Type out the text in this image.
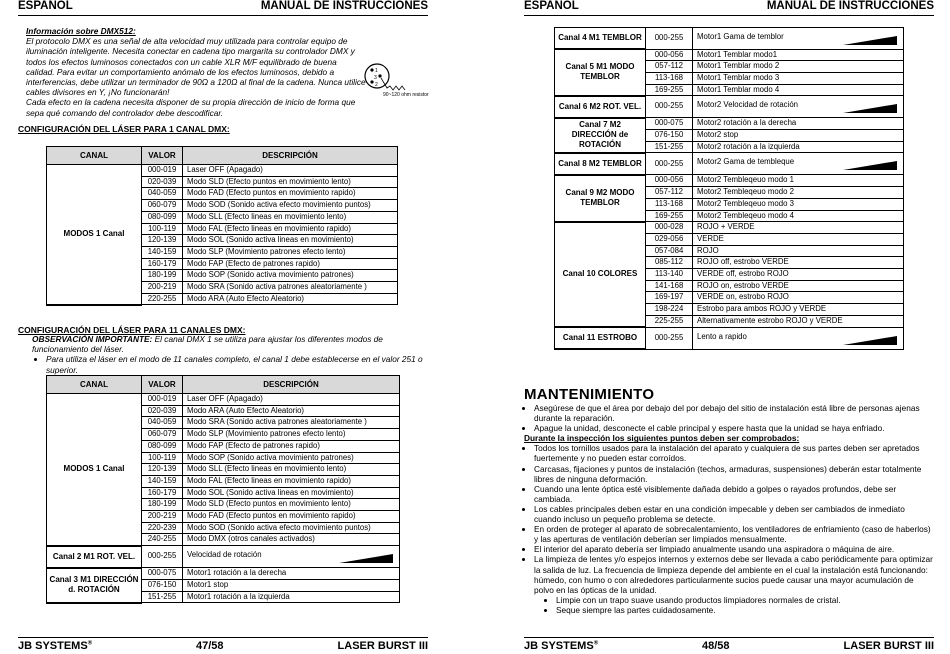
ESPAÑOL	MANUAL DE INSTRUCCIONES
Información sobre DMX512:
El protocolo DMX es una señal de alta velocidad muy utilizada para controlar equipo de iluminación inteligente. Necesita conectar en cadena tipo margarita su controlador DMX y todos los efectos luminosos conectados con un cable XLR M/F equilibrado de buena calidad. Para evitar un comportamiento anómalo de los efectos luminosos, debido a interferencias, debe utilizar un terminador de 90Ω a 120Ω al final de la cadena. Nunca utilice cables divisores en Y, ¡No funcionarán!
Cada efecto en la cadena necesita disponer de su propia dirección de inicio de forma que sepa qué comando del controlador debe descodificar.
1
3
2
90~120 ohm resistor
CONFIGURACIÓN DEL LÁSER PARA 1 CANAL DMX:
CANAL	VALOR	DESCRIPCIÓN
MODOS 1 Canal	000-019	Laser OFF (Apagado)
	020-039	Modo SLD (Efecto puntos en movimiento lento)
	040-059	Modo FAD (Efecto puntos en movimiento rapido)
	060-079	Modo SOD (Sonido activa efecto movimiento puntos)
	080-099	Modo SLL (Efecto lineas en movimiento lento)
	100-119	Modo FAL (Efecto lineas en movimiento rapido)
	120-139	Modo SOL (Sonido activa lineas en movimiento)
	140-159	Modo SLP (Movimiento patrones efecto lento)
	160-179	Modo FAP (Efecto de patrones rapido)
	180-199	Modo SOP (Sonido activa movimiento patrones)
	200-219	Modo SRA (Sonido activa patrones aleatoriamente )
	220-255	Modo ARA (Auto Efecto Aleatorio)
CONFIGURACIÓN DEL LÁSER PARA 11 CANALES DMX:
OBSERVACIÓN IMPORTANTE: El canal DMX 1 se utiliza para ajustar los diferentes modos de funcionamiento del láser.
• Para utiliza el láser en el modo de 11 canales completo, el canal 1 debe establecerse en el valor 251 o superior.
CANAL	VALOR	DESCRIPCIÓN
MODOS 1 Canal	000-019	Laser OFF (Apagado)
	020-039	Modo ARA (Auto Efecto Aleatorio)
	040-059	Modo SRA (Sonido activa patrones aleatoriamente )
	060-079	Modo SLP (Movimiento patrones efecto lento)
	080-099	Modo FAP (Efecto de patrones rapido)
	100-119	Modo SOP (Sonido activa movimiento patrones)
	120-139	Modo SLL (Efecto lineas en movimiento lento)
	140-159	Modo FAL (Efecto lineas en movimiento rapido)
	160-179	Modo SOL (Sonido activa lineas en movimiento)
	180-199	Modo SLD (Efecto puntos en movimiento lento)
	200-219	Modo FAD (Efecto puntos en movimiento rapido)
	220-239	Modo SOD (Sonido activa efecto movimiento puntos)
	240-255	Modo DMX (otros canales activados)
Canal 2 M1 ROT. VEL.	000-255	Velocidad de rotación

Canal 3 M1 DIRECCIÓN d. ROTACIÓN	000-075	Motor1 rotación a la derecha
	076-150	Motor1 stop
	151-255	Motor1 rotación a la izquierda
JB SYSTEMS®	47/58	LASER BURST III
ESPAÑOL	MANUAL DE INSTRUCCIONES
Canal 4 M1 TEMBLOR	000-255	Motor1 Gama de temblor

Canal 5 M1 MODO TEMBLOR	000-056	Motor1 Temblar modo1
	057-112	Motor1 Temblar modo 2
	113-168	Motor1 Temblar modo 3
	169-255	Motor1 Temblar modo 4
Canal 6 M2 ROT. VEL.	000-255	Motor2 Velocidad de rotación

Canal 7 M2 DIRECCIÓN de ROTACIÓN	000-075	Motor2 rotación a la derecha
	076-150	Motor2 stop
	151-255	Motor2 rotación a la izquierda
Canal 8 M2 TEMBLOR	000-255	Motor2 Gama de tembleque

Canal 9 M2 MODO TEMBLOR	000-056	Motor2 Tembleqeuo modo 1
	057-112	Motor2 Tembleqeuo modo 2
	113-168	Motor2 Tembleqeuo modo 3
	169-255	Motor2 Tembleqeuo modo 4
Canal 10 COLORES	000-028	ROJO + VERDE
	029-056	VERDE
	057-084	ROJO
	085-112	ROJO off, estrobo VERDE
	113-140	VERDE off, estrobo ROJO
	141-168	ROJO on, estrobo VERDE
	169-197	VERDE on, estrobo ROJO
	198-224	Estrobo para ambos ROJO y VERDE
	225-255	Alternativamente estrobo ROJO y VERDE
Canal 11 ESTROBO	000-255	Lento a rapido
MANTENIMIENTO
• Asegúrese de que el área por debajo del por debajo del sitio de instalación está libre de personas ajenas durante la reparación.
• Apague la unidad, desconecte el cable principal y espere hasta que la unidad se haya enfriado.
Durante la inspección los siguientes puntos deben ser comprobados:
• Todos los tornillos usados para la instalación del aparato y cualquiera de sus partes deben ser apretados fuertemente y no pueden estar corroídos.
• Carcasas, fijaciones y puntos de instalación (techos, armaduras, suspensiones) deberán estar totalmente libres de ninguna deformación.
• Cuando una lente óptica esté visiblemente dañada debido a golpes o rayados profundos, debe ser cambiada.
• Los cables principales deben estar en una condición impecable y deben ser cambiados de inmediato cuando incluso un pequeño problema se detecte.
• En orden de proteger al aparato de sobrecalentamiento, los ventiladores de enfriamiento (caso de haberlos) y las aperturas de ventilación deberían ser limpiados mensualmente.
• El interior del aparato debería ser limpiado anualmente usando una aspiradora o máquina de aire.
• La limpieza de lentes y/o espejos internos y externos debe ser llevada a cabo periódicamente para optimizar la salida de luz. La frecuencia de limpieza depende del ambiente en el cual la instalación está funcionando: húmedo, con humo o con alrededores particularmente sucios puede causar una mayor acumulación de polvo en las ópticas de la unidad.
• Limpie con un trapo suave usando productos limpiadores normales de cristal.
• Seque siempre las partes cuidadosamente.
JB SYSTEMS®	48/58	LASER BURST III
